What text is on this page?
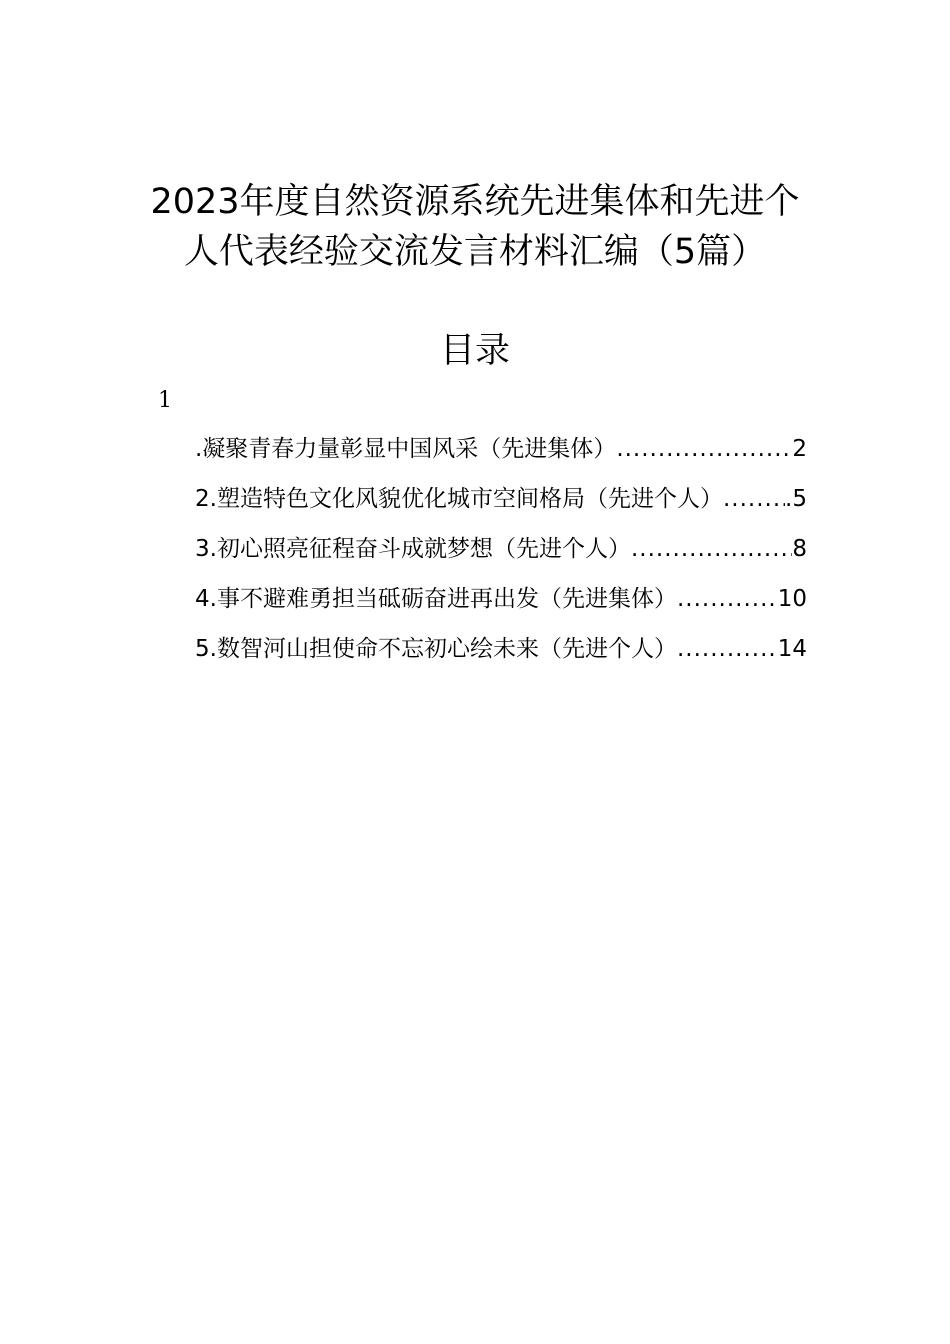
2023年度自然资源系统先进集体和先进个
人代表经验交流发言材料汇编（5篇）
目录
1
.凝聚青春力量彰显中国风采（先进集体） .....	2
2.塑造特色文化风貌优化城市空间格局（先进个人） .....	.5
3.初心照亮征程奋斗成就梦想（先进个人） .....	8
4.事不避难勇担当砥砺奋进再出发（先进集体） .....	10
5.数智河山担使命不忘初心绘未来（先进个人） .....	14
